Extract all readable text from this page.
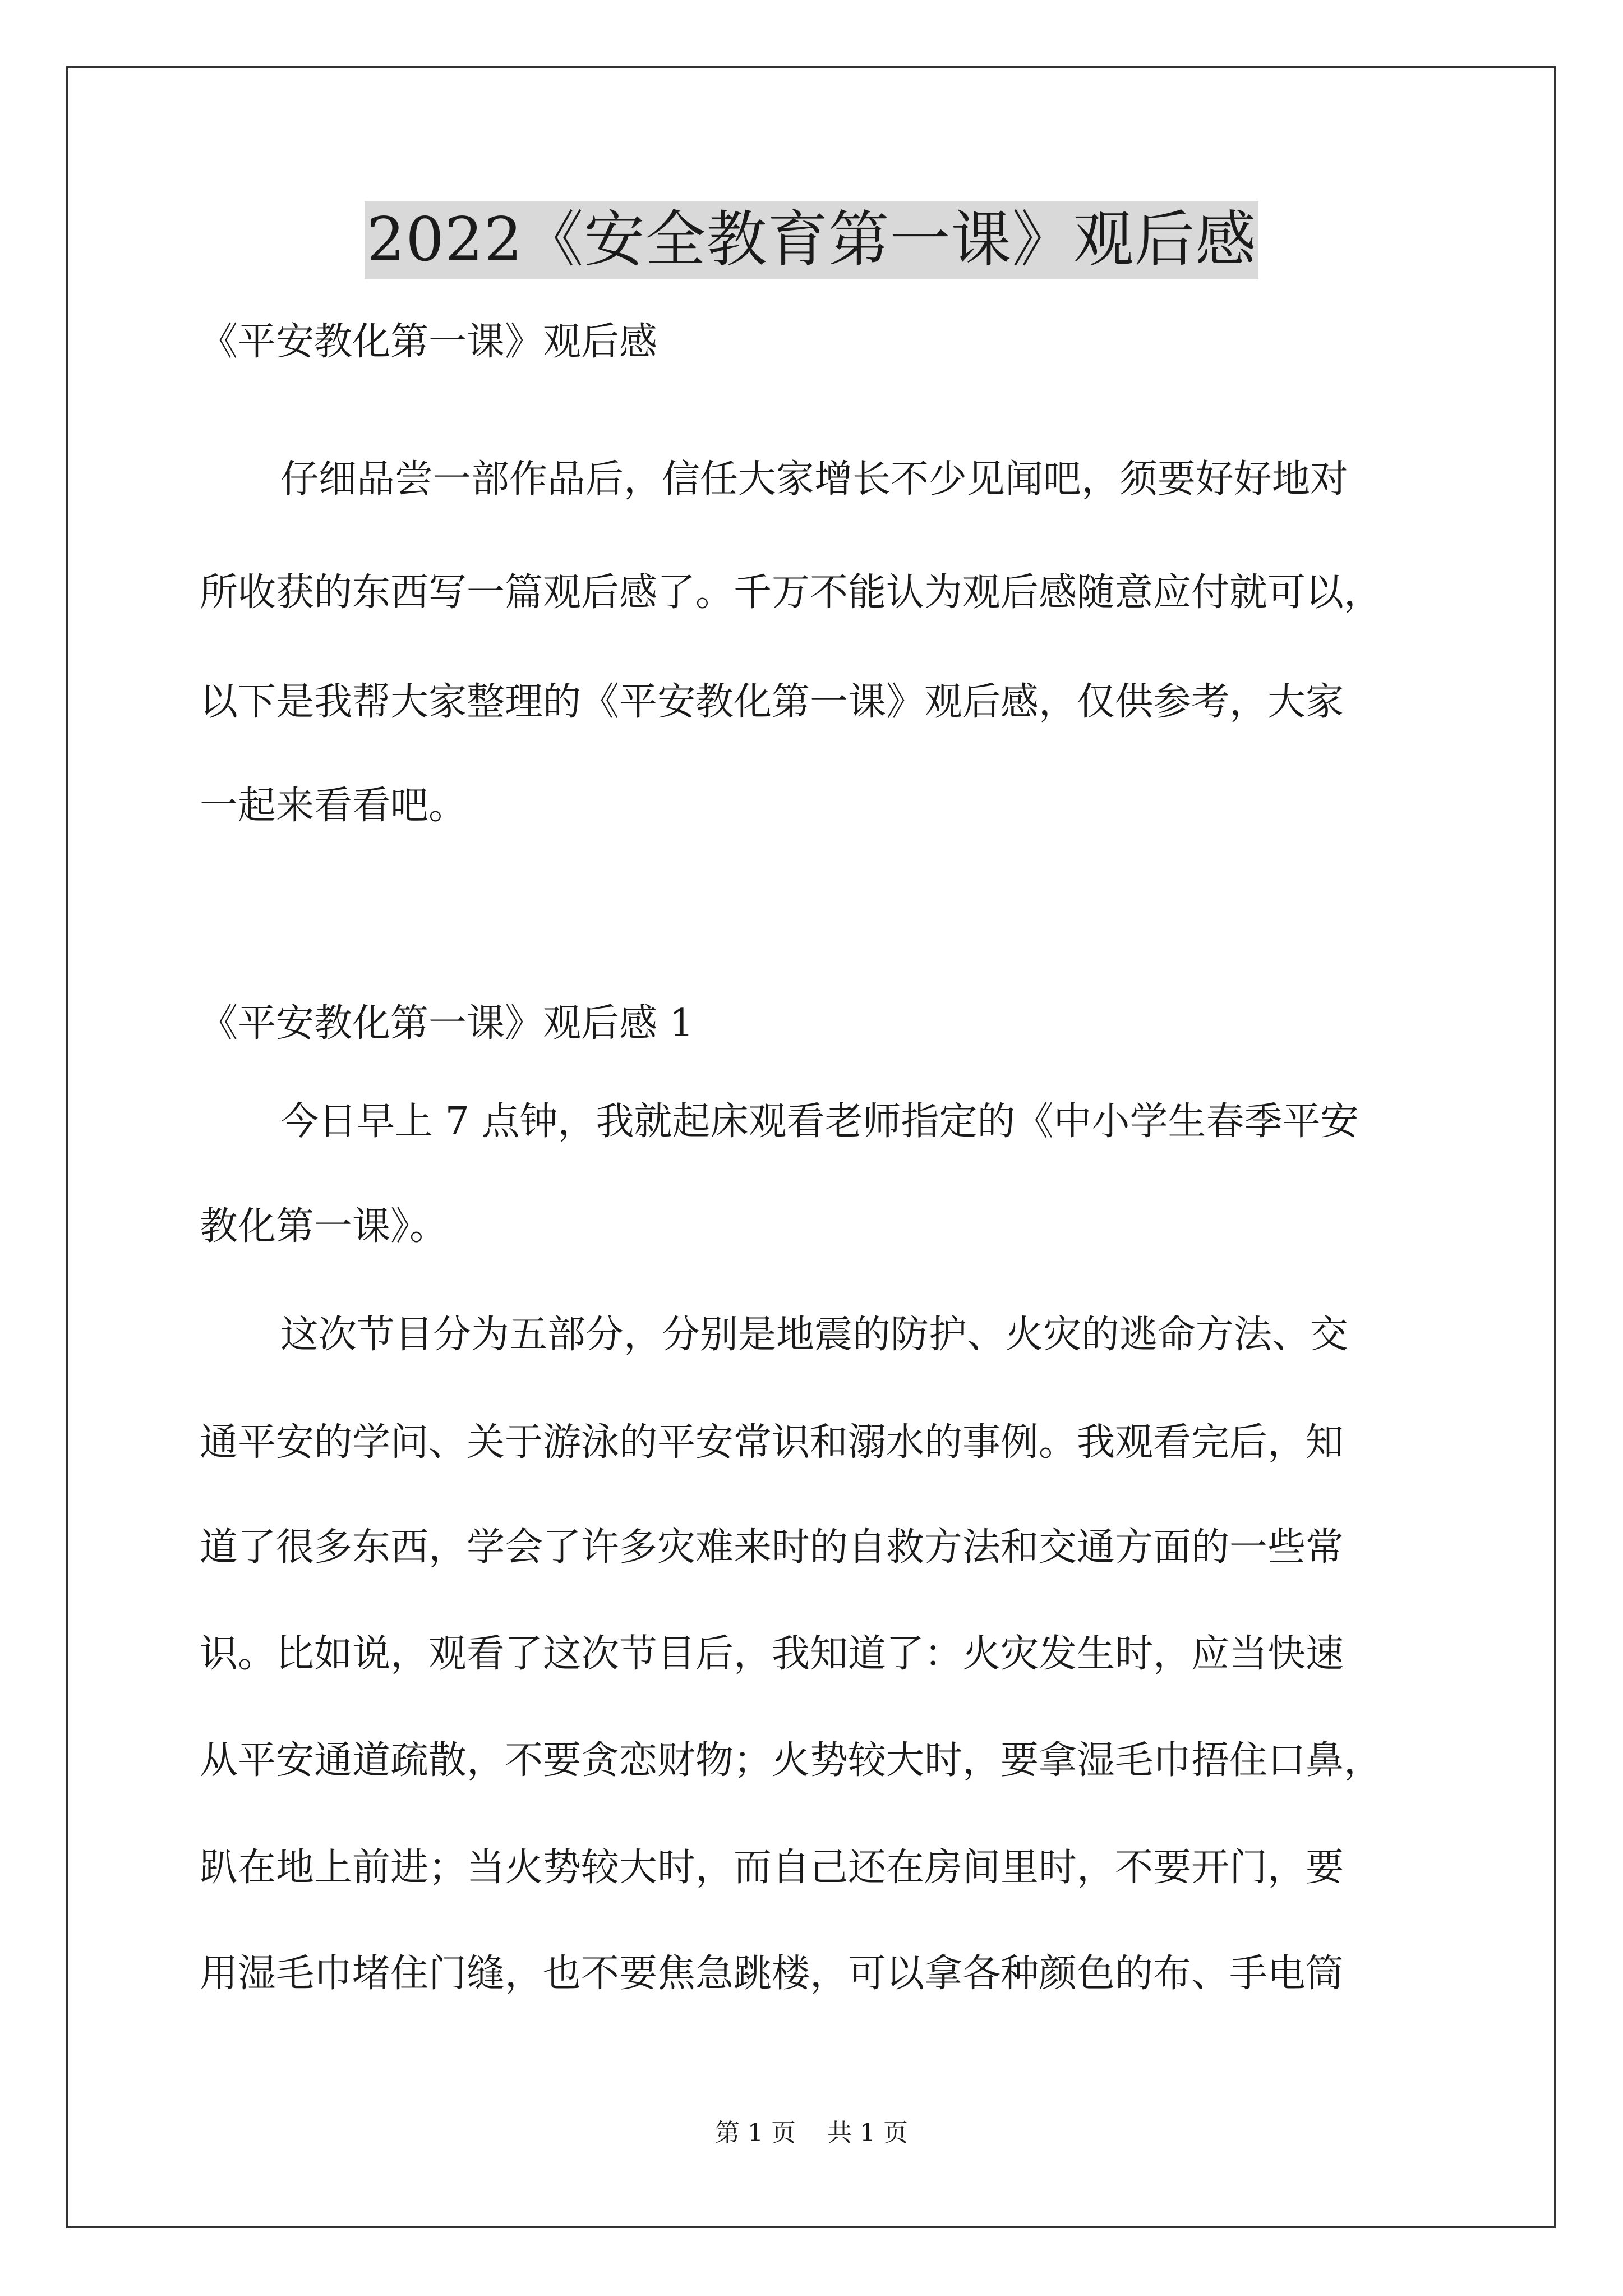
2022《安全教育第一课》观后感
《平安教化第一课》观后感
仔细品尝一部作品后，信任大家增长不少见闻吧，须要好好地对
所收获的东西写一篇观后感了。千万不能认为观后感随意应付就可以，
以下是我帮大家整理的《平安教化第一课》观后感，仅供参考，大家
一起来看看吧。
《平安教化第一课》观后感 1
今日早上 7 点钟，我就起床观看老师指定的《中小学生春季平安
教化第一课》。
这次节目分为五部分，分别是地震的防护、火灾的逃命方法、交
通平安的学问、关于游泳的平安常识和溺水的事例。我观看完后，知
道了很多东西，学会了许多灾难来时的自救方法和交通方面的一些常
识。比如说，观看了这次节目后，我知道了：火灾发生时，应当快速
从平安通道疏散，不要贪恋财物；火势较大时，要拿湿毛巾捂住口鼻，
趴在地上前进；当火势较大时，而自己还在房间里时，不要开门，要
用湿毛巾堵住门缝，也不要焦急跳楼，可以拿各种颜色的布、手电筒
第 1 页 共 1 页
